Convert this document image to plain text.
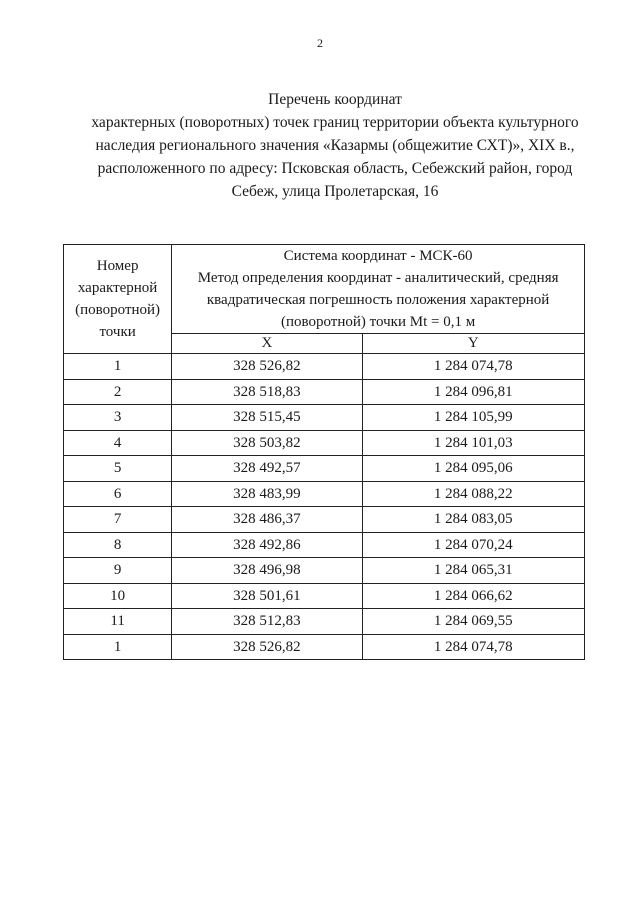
2
Перечень координат
характерных (поворотных) точек границ территории объекта культурного
наследия регионального значения «Казармы (общежитие СХТ)», XIX в.,
расположенного по адресу: Псковская область, Себежский район, город
Себеж, улица Пролетарская, 16
Номер
характерной
(поворотной)
точки	Система координат - МСК-60
Метод определения координат - аналитический, средняя
квадратическая погрешность положения характерной
(поворотной) точки Mt = 0,1 м	

	X	Y
1	328 526,82	1 284 074,78
2	328 518,83	1 284 096,81
3	328 515,45	1 284 105,99
4	328 503,82	1 284 101,03
5	328 492,57	1 284 095,06
6	328 483,99	1 284 088,22
7	328 486,37	1 284 083,05
8	328 492,86	1 284 070,24
9	328 496,98	1 284 065,31
10	328 501,61	1 284 066,62
11	328 512,83	1 284 069,55
1	328 526,82	1 284 074,78
